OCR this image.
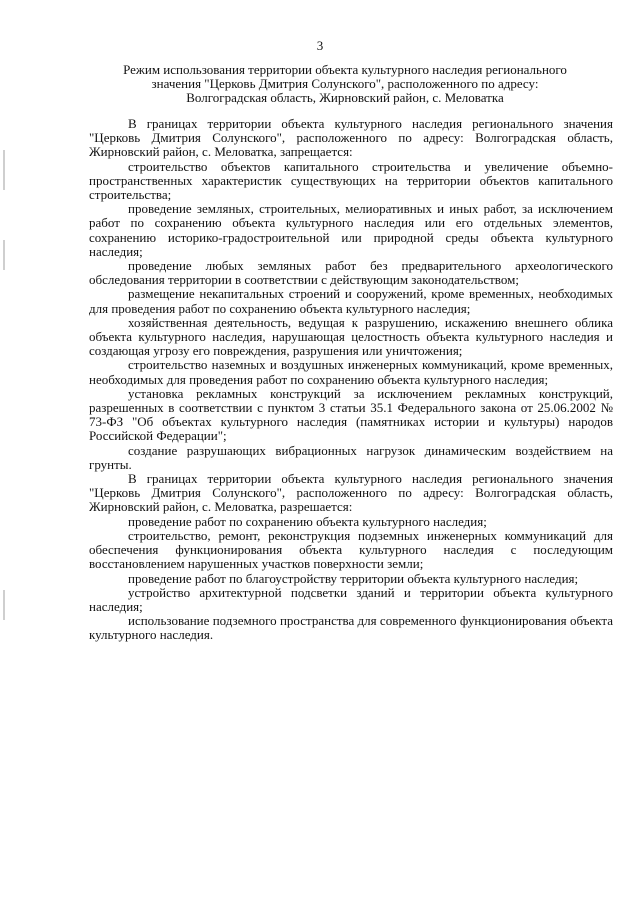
3
Режим использования территории объекта культурного наследия регионального
значения "Церковь Дмитрия Солунского", расположенного по адресу:
Волгоградская область, Жирновский район, с. Меловатка

В границах территории объекта культурного наследия регионального значения "Церковь Дмитрия Солунского", расположенного по адресу: Волгоградская область, Жирновский район, с. Меловатка, запрещается:

строительство объектов капитального строительства и увеличение объемно-пространственных характеристик существующих на территории объектов капитального строительства;

проведение земляных, строительных, мелиоративных и иных работ, за исключением работ по сохранению объекта культурного наследия или его отдельных элементов, сохранению историко-градостроительной или природной среды объекта культурного наследия;

проведение любых земляных работ без предварительного археологического обследования территории в соответствии с действующим законодательством;

размещение некапитальных строений и сооружений, кроме временных, необходимых для проведения работ по сохранению объекта культурного наследия;

хозяйственная деятельность, ведущая к разрушению, искажению внешнего облика объекта культурного наследия, нарушающая целостность объекта культурного наследия и создающая угрозу его повреждения, разрушения или уничтожения;

строительство наземных и воздушных инженерных коммуникаций, кроме временных, необходимых для проведения работ по сохранению объекта культурного наследия;

установка рекламных конструкций за исключением рекламных конструкций, разрешенных в соответствии с пунктом 3 статьи 35.1 Федерального закона от 25.06.2002 № 73-ФЗ "Об объектах культурного наследия (памятниках истории и культуры) народов Российской Федерации";

создание разрушающих вибрационных нагрузок динамическим воздействием на грунты.

В границах территории объекта культурного наследия регионального значения "Церковь Дмитрия Солунского", расположенного по адресу: Волгоградская область, Жирновский район, с. Меловатка, разрешается:

проведение работ по сохранению объекта культурного наследия;

строительство, ремонт, реконструкция подземных инженерных коммуникаций для обеспечения функционирования объекта культурного наследия с последующим восстановлением нарушенных участков поверхности земли;

проведение работ по благоустройству территории объекта культурного наследия;

устройство архитектурной подсветки зданий и территории объекта культурного наследия;

использование подземного пространства для современного функционирования объекта культурного наследия.
